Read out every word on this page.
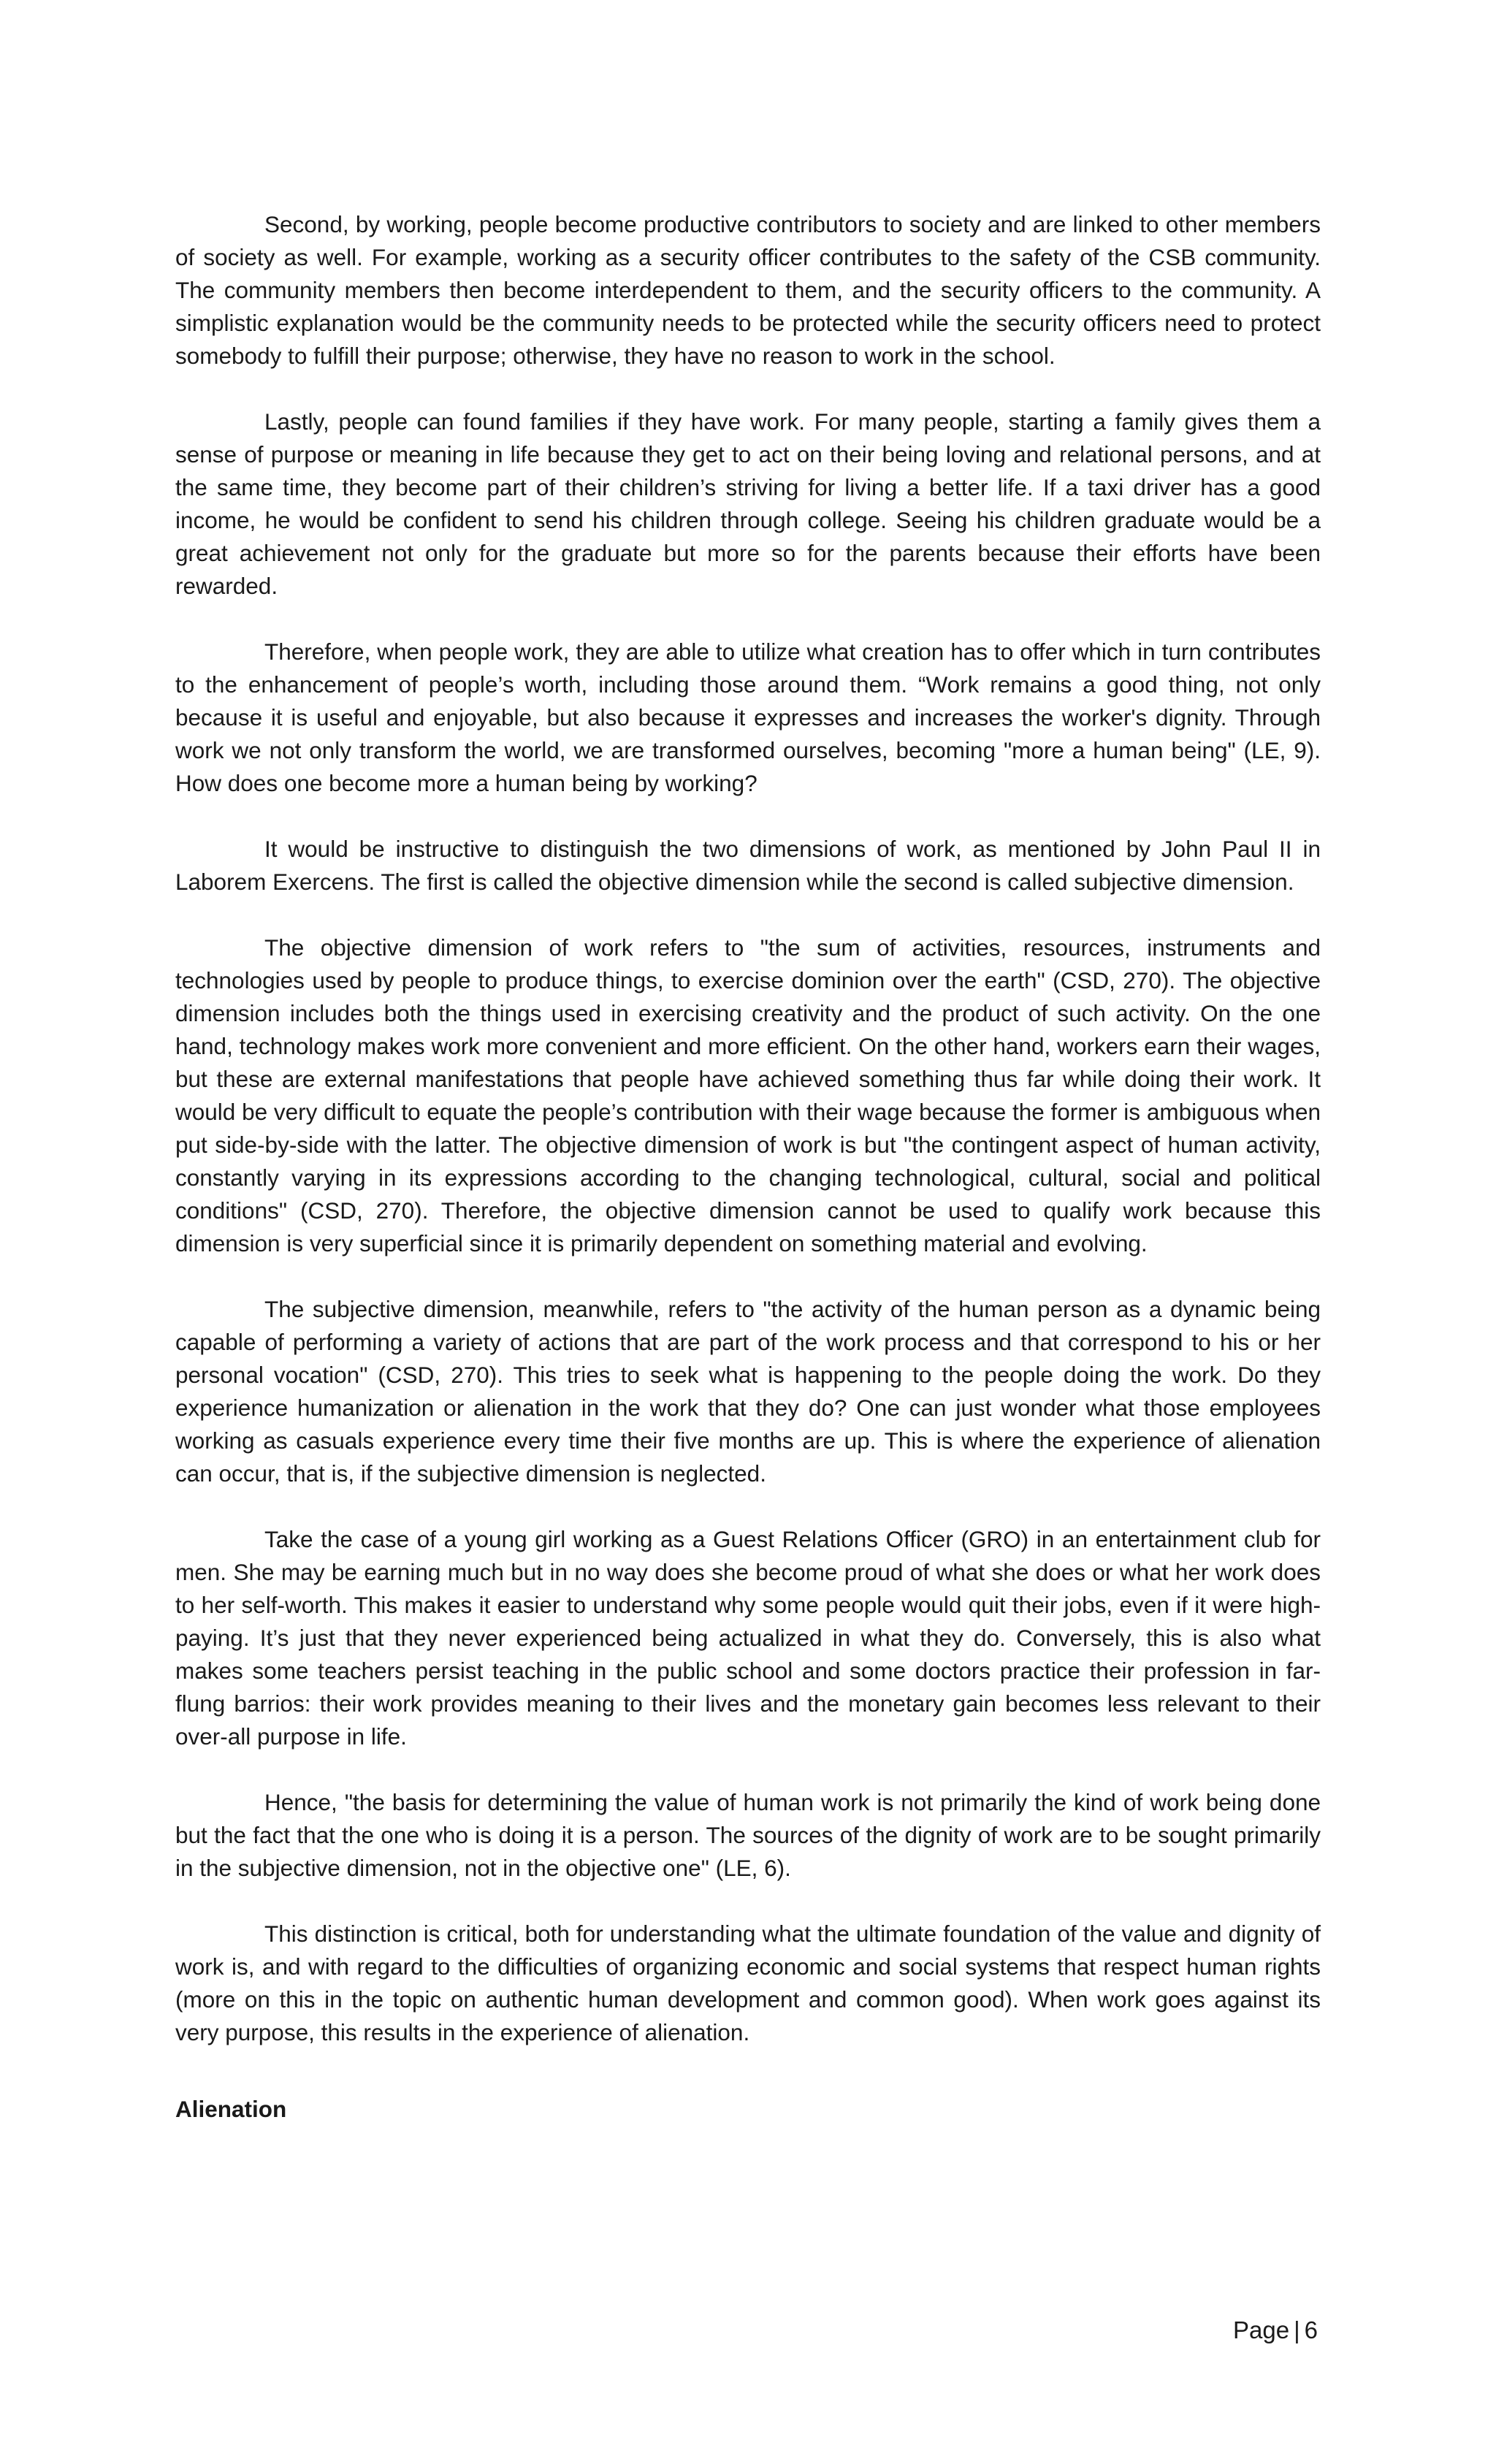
Second, by working, people become productive contributors to society and are linked to other members of society as well. For example, working as a security officer contributes to the safety of the CSB community. The community members then become interdependent to them, and the security officers to the community. A simplistic explanation would be the community needs to be protected while the security officers need to protect somebody to fulfill their purpose; otherwise, they have no reason to work in the school.

Lastly, people can found families if they have work. For many people, starting a family gives them a sense of purpose or meaning in life because they get to act on their being loving and relational persons, and at the same time, they become part of their children’s striving for living a better life. If a taxi driver has a good income, he would be confident to send his children through college. Seeing his children graduate would be a great achievement not only for the graduate but more so for the parents because their efforts have been rewarded.

Therefore, when people work, they are able to utilize what creation has to offer which in turn contributes to the enhancement of people’s worth, including those around them. “Work remains a good thing, not only because it is useful and enjoyable, but also because it expresses and increases the worker's dignity. Through work we not only transform the world, we are transformed ourselves, becoming "more a human being" (LE, 9). How does one become more a human being by working?

It would be instructive to distinguish the two dimensions of work, as mentioned by John Paul II in Laborem Exercens. The first is called the objective dimension while the second is called subjective dimension.

The objective dimension of work refers to "the sum of activities, resources, instruments and technologies used by people to produce things, to exercise dominion over the earth" (CSD, 270). The objective dimension includes both the things used in exercising creativity and the product of such activity. On the one hand, technology makes work more convenient and more efficient. On the other hand, workers earn their wages, but these are external manifestations that people have achieved something thus far while doing their work. It would be very difficult to equate the people’s contribution with their wage because the former is ambiguous when put side-by-side with the latter. The objective dimension of work is but "the contingent aspect of human activity, constantly varying in its expressions according to the changing technological, cultural, social and political conditions" (CSD, 270). Therefore, the objective dimension cannot be used to qualify work because this dimension is very superficial since it is primarily dependent on something material and evolving.

The subjective dimension, meanwhile, refers to "the activity of the human person as a dynamic being capable of performing a variety of actions that are part of the work process and that correspond to his or her personal vocation" (CSD, 270). This tries to seek what is happening to the people doing the work. Do they experience humanization or alienation in the work that they do? One can just wonder what those employees working as casuals experience every time their five months are up. This is where the experience of alienation can occur, that is, if the subjective dimension is neglected.

Take the case of a young girl working as a Guest Relations Officer (GRO) in an entertainment club for men. She may be earning much but in no way does she become proud of what she does or what her work does to her self-worth. This makes it easier to understand why some people would quit their jobs, even if it were high-paying. It’s just that they never experienced being actualized in what they do. Conversely, this is also what makes some teachers persist teaching in the public school and some doctors practice their profession in far-flung barrios: their work provides meaning to their lives and the monetary gain becomes less relevant to their over-all purpose in life.

Hence, "the basis for determining the value of human work is not primarily the kind of work being done but the fact that the one who is doing it is a person. The sources of the dignity of work are to be sought primarily in the subjective dimension, not in the objective one" (LE, 6).

This distinction is critical, both for understanding what the ultimate foundation of the value and dignity of work is, and with regard to the difficulties of organizing economic and social systems that respect human rights (more on this in the topic on authentic human development and common good). When work goes against its very purpose, this results in the experience of alienation.

Alienation
Page | 6
